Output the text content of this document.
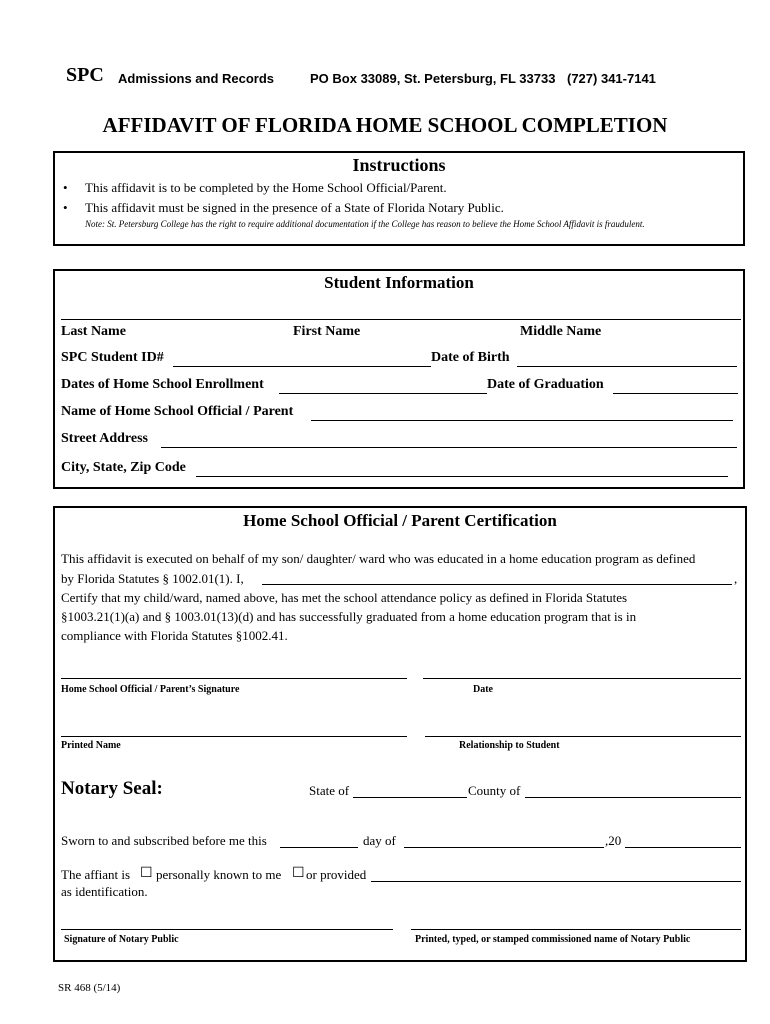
SPC Admissions and Records	PO Box 33089, St. Petersburg, FL 33733 (727) 341-7141
AFFIDAVIT OF FLORIDA HOME SCHOOL COMPLETION
Instructions
• This affidavit is to be completed by the Home School Official/Parent.
• This affidavit must be signed in the presence of a State of Florida Notary Public.
Note: St. Petersburg College has the right to require additional documentation if the College has reason to believe the Home School Affidavit is fraudulent.
Student Information
Last Name	First Name	Middle Name
SPC Student ID#	Date of Birth
Dates of Home School Enrollment	Date of Graduation
Name of Home School Official / Parent
Street Address
City, State, Zip Code
Home School Official / Parent Certification
This affidavit is executed on behalf of my son/ daughter/ ward who was educated in a home education program as defined
by Florida Statutes § 1002.01(1). I,	,
Certify that my child/ward, named above, has met the school attendance policy as defined in Florida Statutes
§1003.21(1)(a) and § 1003.01(13)(d) and has successfully graduated from a home education program that is in
compliance with Florida Statutes §1002.41.
Home School Official / Parent’s Signature	Date
Printed Name	Relationship to Student
Notary Seal:	State of	County of
Sworn to and subscribed before me this	day of	,20
The affiant is ☐ personally known to me ☐ or provided
as identification.
Signature of Notary Public	Printed, typed, or stamped commissioned name of Notary Public
SR 468 (5/14)
